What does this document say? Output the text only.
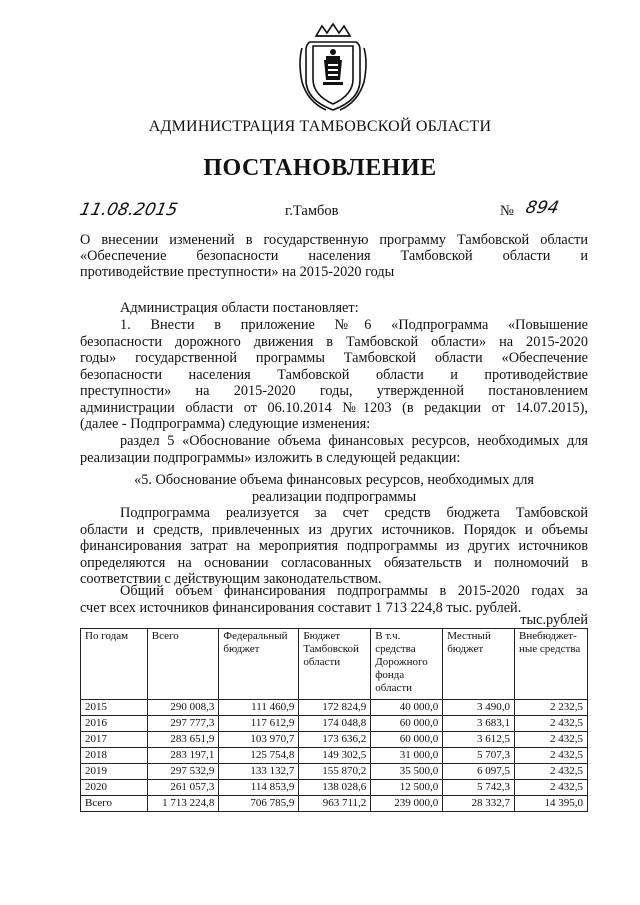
АДМИНИСТРАЦИЯ ТАМБОВСКОЙ ОБЛАСТИ
ПОСТАНОВЛЕНИЕ
11.08.2015	г.Тамбов	№ 894
О внесении изменений в государственную программу Тамбовской области
«Обеспечение безопасности населения Тамбовской области и
противодействие преступности» на 2015-2020 годы
Администрация области постановляет:
1. Внести в приложение №6 «Подпрограмма «Повышение
безопасности дорожного движения в Тамбовской области» на 2015-2020
годы» государственной программы Тамбовской области «Обеспечение
безопасности населения Тамбовской области и противодействие
преступности» на 2015-2020 годы, утвержденной постановлением
администрации области от 06.10.2014 №1203 (в редакции от 14.07.2015),
(далее - Подпрограмма) следующие изменения:
раздел 5 «Обоснование объема финансовых ресурсов, необходимых для
реализации подпрограммы» изложить в следующей редакции:
«5. Обоснование объема финансовых ресурсов, необходимых для
реализации подпрограммы
Подпрограмма реализуется за счет средств бюджета Тамбовской
области и средств, привлеченных из других источников. Порядок и объемы
финансирования затрат на мероприятия подпрограммы из других источников
определяются на основании согласованных обязательств и полномочий в
соответствии с действующим законодательством.
Общий объем финансирования подпрограммы в 2015-2020 годах за
счет всех источников финансирования составит 1 713 224,8 тыс. рублей.
тыс.рублей
По годам	Всего	Федеральный бюджет	Бюджет Тамбовской области	В т.ч. средства Дорожного фонда области	Местный бюджет	Внебюджет-ные средства
2015	290 008,3	111 460,9	172 824,9	40 000,0	3 490,0	2 232,5
2016	297 777,3	117 612,9	174 048,8	60 000,0	3 683,1	2 432,5
2017	283 651,9	103 970,7	173 636,2	60 000,0	3 612,5	2 432,5
2018	283 197,1	125 754,8	149 302,5	31 000,0	5 707,3	2 432,5
2019	297 532,9	133 132,7	155 870,2	35 500,0	6 097,5	2 432,5
2020	261 057,3	114 853,9	138 028,6	12 500,0	5 742,3	2 432,5
Всего	1 713 224,8	706 785,9	963 711,2	239 000,0	28 332,7	14 395,0
